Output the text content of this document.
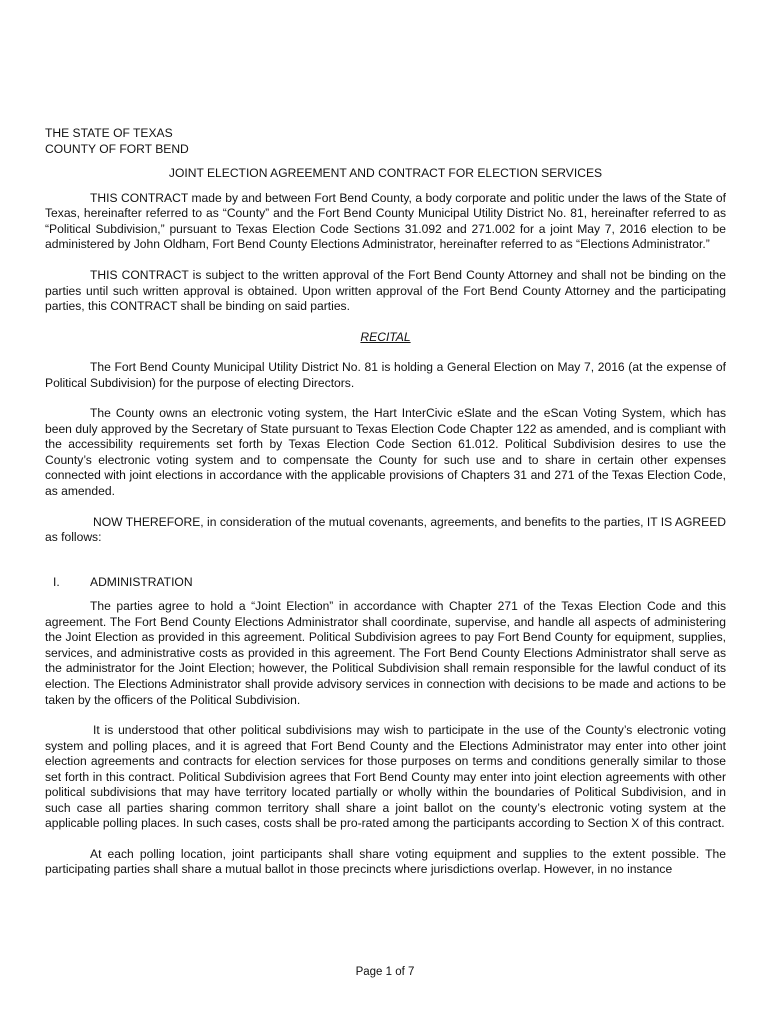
THE STATE OF TEXAS

COUNTY OF FORT BEND

JOINT ELECTION AGREEMENT AND CONTRACT FOR ELECTION SERVICES

THIS CONTRACT made by and between Fort Bend County, a body corporate and politic under the laws of the State of Texas, hereinafter referred to as “County” and the Fort Bend County Municipal Utility District No. 81, hereinafter referred to as “Political Subdivision,” pursuant to Texas Election Code Sections 31.092 and 271.002 for a joint May 7, 2016 election to be administered by John Oldham, Fort Bend County Elections Administrator, hereinafter referred to as “Elections Administrator.”

THIS CONTRACT is subject to the written approval of the Fort Bend County Attorney and shall not be binding on the parties until such written approval is obtained. Upon written approval of the Fort Bend County Attorney and the participating parties, this CONTRACT shall be binding on said parties.

RECITAL

The Fort Bend County Municipal Utility District No. 81 is holding a General Election on May 7, 2016 (at the expense of Political Subdivision) for the purpose of electing Directors.

The County owns an electronic voting system, the Hart InterCivic eSlate and the eScan Voting System, which has been duly approved by the Secretary of State pursuant to Texas Election Code Chapter 122 as amended, and is compliant with the accessibility requirements set forth by Texas Election Code Section 61.012. Political Subdivision desires to use the County’s electronic voting system and to compensate the County for such use and to share in certain other expenses connected with joint elections in accordance with the applicable provisions of Chapters 31 and 271 of the Texas Election Code, as amended.

NOW THEREFORE, in consideration of the mutual covenants, agreements, and benefits to the parties, IT IS AGREED as follows:

I.	ADMINISTRATION

The parties agree to hold a “Joint Election” in accordance with Chapter 271 of the Texas Election Code and this agreement. The Fort Bend County Elections Administrator shall coordinate, supervise, and handle all aspects of administering the Joint Election as provided in this agreement. Political Subdivision agrees to pay Fort Bend County for equipment, supplies, services, and administrative costs as provided in this agreement. The Fort Bend County Elections Administrator shall serve as the administrator for the Joint Election; however, the Political Subdivision shall remain responsible for the lawful conduct of its election. The Elections Administrator shall provide advisory services in connection with decisions to be made and actions to be taken by the officers of the Political Subdivision.

It is understood that other political subdivisions may wish to participate in the use of the County’s electronic voting system and polling places, and it is agreed that Fort Bend County and the Elections Administrator may enter into other joint election agreements and contracts for election services for those purposes on terms and conditions generally similar to those set forth in this contract. Political Subdivision agrees that Fort Bend County may enter into joint election agreements with other political subdivisions that may have territory located partially or wholly within the boundaries of Political Subdivision, and in such case all parties sharing common territory shall share a joint ballot on the county’s electronic voting system at the applicable polling places. In such cases, costs shall be pro-rated among the participants according to Section X of this contract.

At each polling location, joint participants shall share voting equipment and supplies to the extent possible. The participating parties shall share a mutual ballot in those precincts where jurisdictions overlap. However, in no instance

Page 1 of 7
